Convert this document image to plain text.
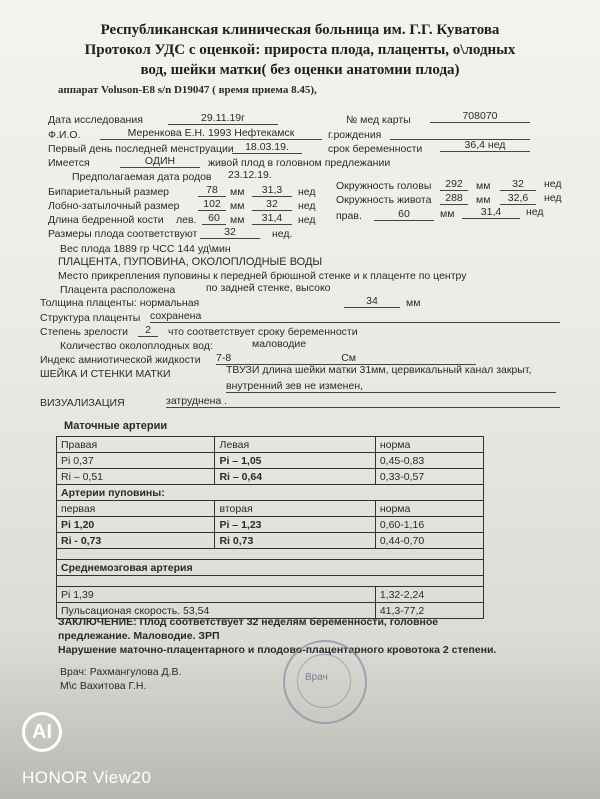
Республиканская клиническая больница им. Г.Г. Куватова
Протокол УДС с оценкой: прироста плода, плаценты, о\лодных
вод, шейки матки( без оценки анатомии плода)
аппарат Voluson-E8 s/n D19047 ( время приема 8.45),
Дата исследования	29.11.19г	№ мед карты	708070
Ф.И.О.	Меренкова Е.Н. 1993 Нефтекамск	г.рождения

Первый день последней менструации	18.03.19.	срок беременности	36,4 нед
Имеется	ОДИН	живой плод в головном предлежании
Предполагаемая дата родов 23.12.19.
Бипариетальный размер	78	мм	31,3	нед
Лобно-затылочный размер	102 мм	32	нед
Длина бедренной кости лев.	60 мм	31,4	нед
Окружность головы	292	мм	32	нед
Окружность живота	288	мм	32,6	нед
прав.	60	мм	31,4	нед
Размеры плода соответствуют	32	нед.
Вес плода 1889 гр ЧСС 144 уд\мин
ПЛАЦЕНТА, ПУПОВИНА, ОКОЛОПЛОДНЫЕ ВОДЫ
Место прикрепления пуповины к передней брюшной стенке и к плаценте по центру
Плацента расположена	по задней стенке, высоко
Толщина плаценты: нормальная	34	мм
Структура плаценты сохранена
Степень зрелости	2	что соответствует сроку беременности
Количество околоплодных вод:	маловодие
Индекс амниотической жидкости 7-8	См
ШЕЙКА И СТЕНКИ МАТКИ	ТВУЗИ длина шейки матки 31мм, цервикальный канал закрыт,
внутренний зев не изменен,
ВИЗУАЛИЗАЦИЯ	затруднена .
Маточные артерии
Правая	Левая	норма
Pi 0,37	Pi – 1,05	0,45-0,83
Ri – 0,51	Ri – 0,64	0,33-0,57
Артерии пуповины:		
первая	вторая	норма
Pi 1,20	Pi – 1,23	0,60-1,16
Ri - 0,73	Ri 0,73	0,44-0,70

Среднемозговая артерия		

Pi 1,39		1,32-2,24
Пульсационая скорость. 53,54		41,3-77,2
ЗАКЛЮЧЕНИЕ: Плод соответствует 32 неделям беременности, головное
предлежание. Маловодие. ЗРП
Нарушение маточно-плацентарного и плодово-плацентарного кровотока 2 степени.
Врач
Врач: Рахмангулова Д.В.
М\с Вахитова Г.Н.
AI
HONOR View20
